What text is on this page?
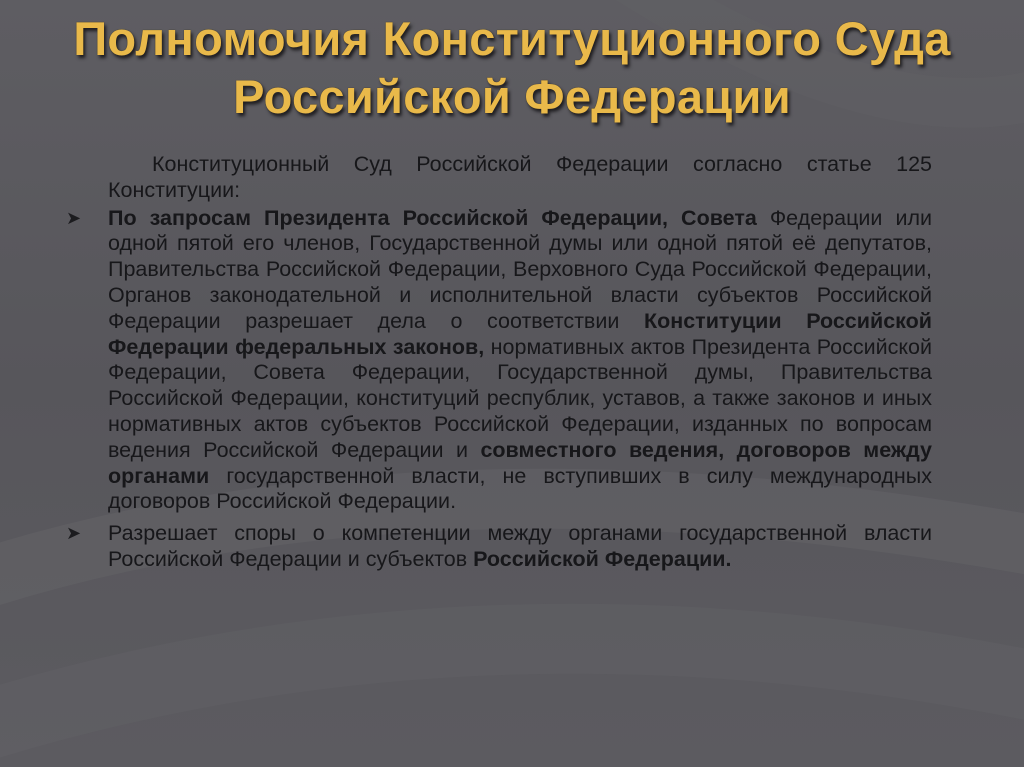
Полномочия Конституционного Суда
Российской Федерации

Конституционный Суд Российской Федерации согласно статье 125 Конституции:

➤ По запросам Президента Российской Федерации, Совета Федерации или одной пятой его членов, Государственной думы или одной пятой её депутатов, Правительства Российской Федерации, Верховного Суда Российской Федерации, Органов законодательной и исполнительной власти субъектов Российской Федерации разрешает дела о соответствии Конституции Российской Федерации федеральных законов, нормативных актов Президента Российской Федерации, Совета Федерации, Государственной думы, Правительства Российской Федерации, конституций республик, уставов, а также законов и иных нормативных актов субъектов Российской Федерации, изданных по вопросам ведения Российской Федерации и совместного ведения, договоров между органами государственной власти, не вступивших в силу международных договоров Российской Федерации.
➤ Разрешает споры о компетенции между органами государственной власти Российской Федерации и субъектов Российской Федерации.
